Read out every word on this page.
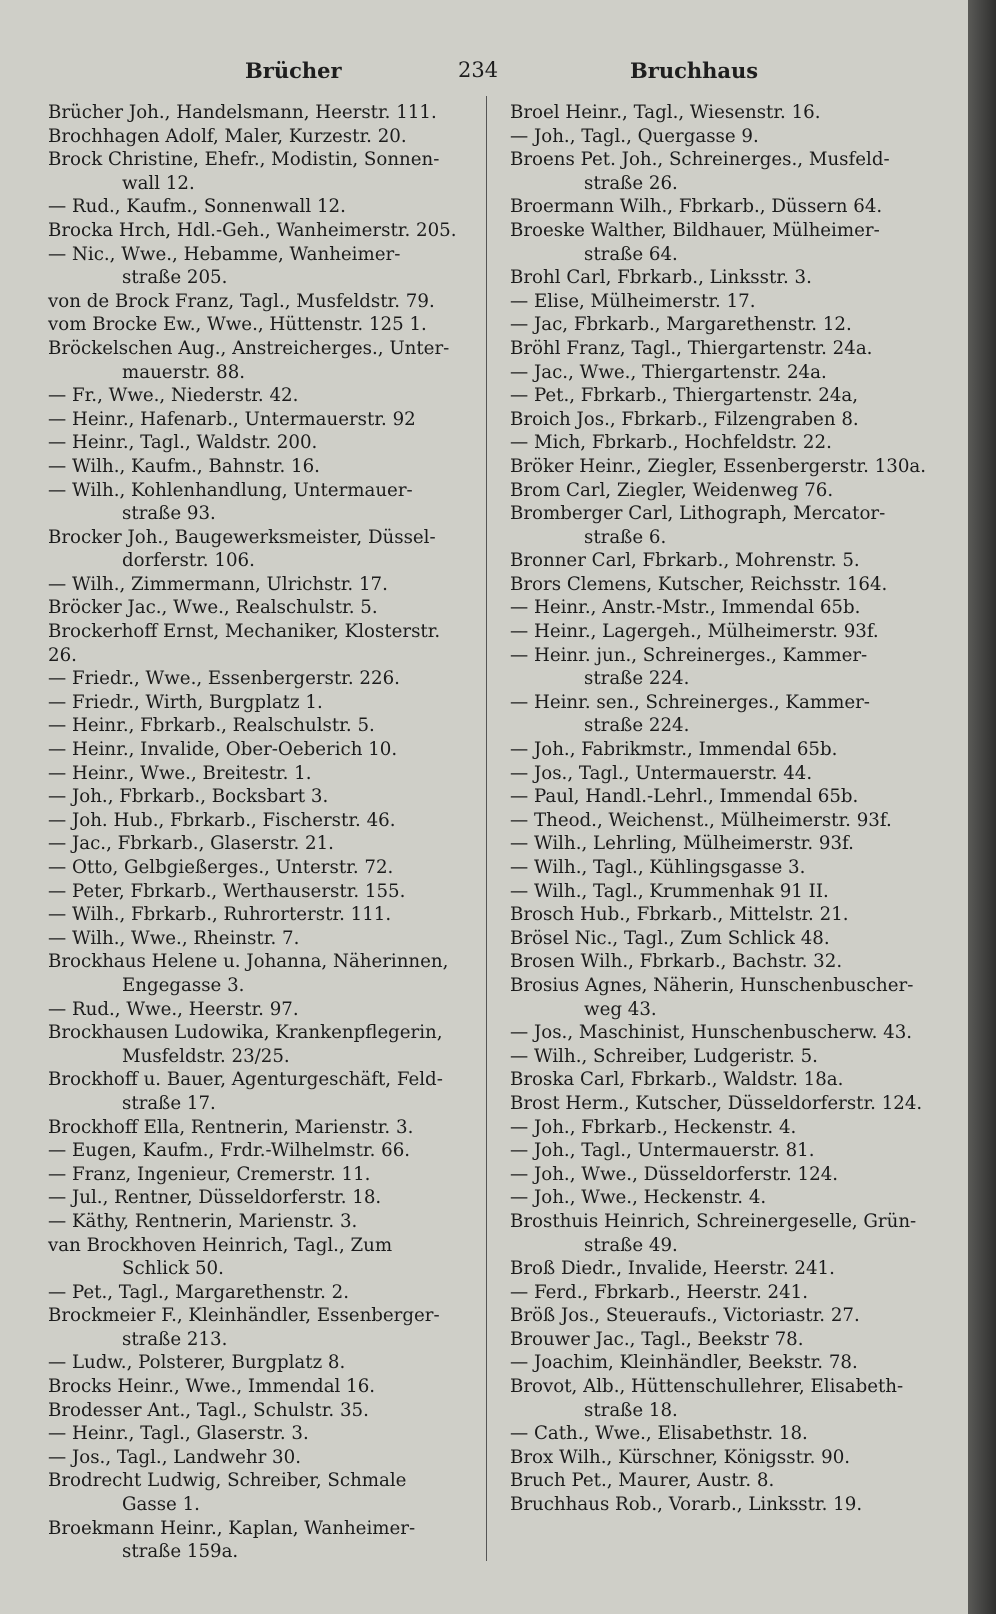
Brücher	234	Bruchhaus
Brücher Joh., Handelsmann, Heerstr. 111.
Brochhagen Adolf, Maler, Kurzestr. 20.
Brock Christine, Ehefr., Modistin, Sonnen-
wall 12.
— Rud., Kaufm., Sonnenwall 12.
Brocka Hrch, Hdl.-Geh., Wanheimerstr. 205.
— Nic., Wwe., Hebamme, Wanheimer-
straße 205.
von de Brock Franz, Tagl., Musfeldstr. 79.
vom Brocke Ew., Wwe., Hüttenstr. 125 1.
Bröckelschen Aug., Anstreicherges., Unter-
mauerstr. 88.
— Fr., Wwe., Niederstr. 42.
— Heinr., Hafenarb., Untermauerstr. 92
— Heinr., Tagl., Waldstr. 200.
— Wilh., Kaufm., Bahnstr. 16.
— Wilh., Kohlenhandlung, Untermauer-
straße 93.
Brocker Joh., Baugewerksmeister, Düssel-
dorferstr. 106.
— Wilh., Zimmermann, Ulrichstr. 17.
Bröcker Jac., Wwe., Realschulstr. 5.
Brockerhoff Ernst, Mechaniker, Klosterstr. 26.
— Friedr., Wwe., Essenbergerstr. 226.
— Friedr., Wirth, Burgplatz 1.
— Heinr., Fbrkarb., Realschulstr. 5.
— Heinr., Invalide, Ober-Oeberich 10.
— Heinr., Wwe., Breitestr. 1.
— Joh., Fbrkarb., Bocksbart 3.
— Joh. Hub., Fbrkarb., Fischerstr. 46.
— Jac., Fbrkarb., Glaserstr. 21.
— Otto, Gelbgießerges., Unterstr. 72.
— Peter, Fbrkarb., Werthauserstr. 155.
— Wilh., Fbrkarb., Ruhrorterstr. 111.
— Wilh., Wwe., Rheinstr. 7.
Brockhaus Helene u. Johanna, Näherinnen,
Engegasse 3.
— Rud., Wwe., Heerstr. 97.
Brockhausen Ludowika, Krankenpflegerin,
Musfeldstr. 23/25.
Brockhoff u. Bauer, Agenturgeschäft, Feld-
straße 17.
Brockhoff Ella, Rentnerin, Marienstr. 3.
— Eugen, Kaufm., Frdr.-Wilhelmstr. 66.
— Franz, Ingenieur, Cremerstr. 11.
— Jul., Rentner, Düsseldorferstr. 18.
— Käthy, Rentnerin, Marienstr. 3.
van Brockhoven Heinrich, Tagl., Zum
Schlick 50.
— Pet., Tagl., Margarethenstr. 2.
Brockmeier F., Kleinhändler, Essenberger-
straße 213.
— Ludw., Polsterer, Burgplatz 8.
Brocks Heinr., Wwe., Immendal 16.
Brodesser Ant., Tagl., Schulstr. 35.
— Heinr., Tagl., Glaserstr. 3.
— Jos., Tagl., Landwehr 30.
Brodrecht Ludwig, Schreiber, Schmale
Gasse 1.
Broekmann Heinr., Kaplan, Wanheimer-
straße 159a.
Broel Heinr., Tagl., Wiesenstr. 16.
— Joh., Tagl., Quergasse 9.
Broens Pet. Joh., Schreinerges., Musfeld-
straße 26.
Broermann Wilh., Fbrkarb., Düssern 64.
Broeske Walther, Bildhauer, Mülheimer-
straße 64.
Brohl Carl, Fbrkarb., Linksstr. 3.
— Elise, Mülheimerstr. 17.
— Jac, Fbrkarb., Margarethenstr. 12.
Bröhl Franz, Tagl., Thiergartenstr. 24a.
— Jac., Wwe., Thiergartenstr. 24a.
— Pet., Fbrkarb., Thiergartenstr. 24a,
Broich Jos., Fbrkarb., Filzengraben 8.
— Mich, Fbrkarb., Hochfeldstr. 22.
Bröker Heinr., Ziegler, Essenbergerstr. 130a.
Brom Carl, Ziegler, Weidenweg 76.
Bromberger Carl, Lithograph, Mercator-
straße 6.
Bronner Carl, Fbrkarb., Mohrenstr. 5.
Brors Clemens, Kutscher, Reichsstr. 164.
— Heinr., Anstr.-Mstr., Immendal 65b.
— Heinr., Lagergeh., Mülheimerstr. 93f.
— Heinr. jun., Schreinerges., Kammer-
straße 224.
— Heinr. sen., Schreinerges., Kammer-
straße 224.
— Joh., Fabrikmstr., Immendal 65b.
— Jos., Tagl., Untermauerstr. 44.
— Paul, Handl.-Lehrl., Immendal 65b.
— Theod., Weichenst., Mülheimerstr. 93f.
— Wilh., Lehrling, Mülheimerstr. 93f.
— Wilh., Tagl., Kühlingsgasse 3.
— Wilh., Tagl., Krummenhak 91 II.
Brosch Hub., Fbrkarb., Mittelstr. 21.
Brösel Nic., Tagl., Zum Schlick 48.
Brosen Wilh., Fbrkarb., Bachstr. 32.
Brosius Agnes, Näherin, Hunschenbuscher-
weg 43.
— Jos., Maschinist, Hunschenbuscherw. 43.
— Wilh., Schreiber, Ludgeristr. 5.
Broska Carl, Fbrkarb., Waldstr. 18a.
Brost Herm., Kutscher, Düsseldorferstr. 124.
— Joh., Fbrkarb., Heckenstr. 4.
— Joh., Tagl., Untermauerstr. 81.
— Joh., Wwe., Düsseldorferstr. 124.
— Joh., Wwe., Heckenstr. 4.
Brosthuis Heinrich, Schreinergeselle, Grün-
straße 49.
Broß Diedr., Invalide, Heerstr. 241.
— Ferd., Fbrkarb., Heerstr. 241.
Bröß Jos., Steueraufs., Victoriastr. 27.
Brouwer Jac., Tagl., Beekstr 78.
— Joachim, Kleinhändler, Beekstr. 78.
Brovot, Alb., Hüttenschullehrer, Elisabeth-
straße 18.
— Cath., Wwe., Elisabethstr. 18.
Brox Wilh., Kürschner, Königsstr. 90.
Bruch Pet., Maurer, Austr. 8.
Bruchhaus Rob., Vorarb., Linksstr. 19.
